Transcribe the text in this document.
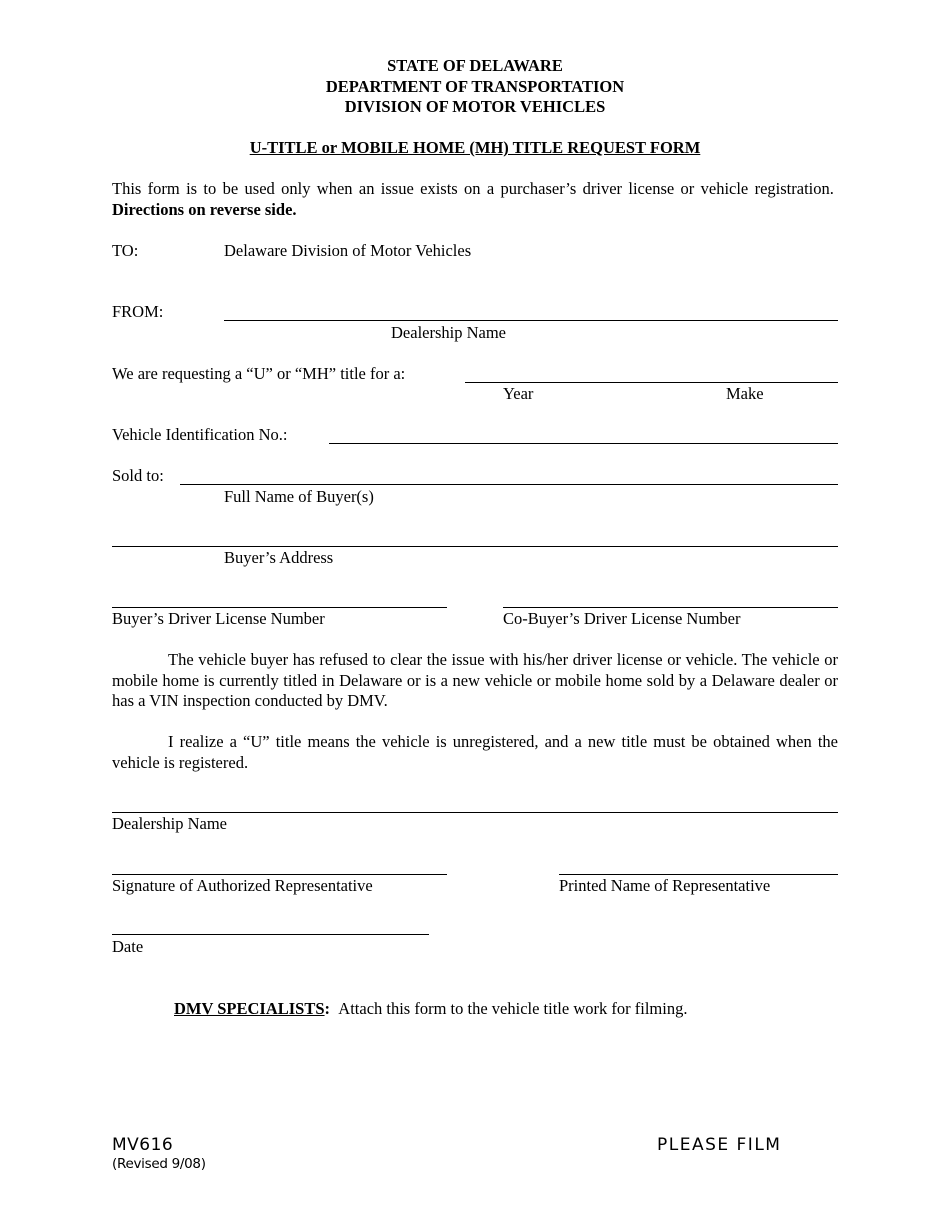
STATE OF DELAWARE
DEPARTMENT OF TRANSPORTATION
DIVISION OF MOTOR VEHICLES
U-TITLE or MOBILE HOME (MH) TITLE REQUEST FORM
This form is to be used only when an issue exists on a purchaser’s driver license or vehicle registration.  Directions on reverse side.
TO:	Delaware Division of Motor Vehicles
FROM:
Dealership Name
We are requesting a “U” or “MH” title for a:
Year	Make
Vehicle Identification No.:
Sold to:
Full Name of Buyer(s)
Buyer’s Address
Buyer’s Driver License Number	Co-Buyer’s Driver License Number
The vehicle buyer has refused to clear the issue with his/her driver license or vehicle. The vehicle or mobile home is currently titled in Delaware or is a new vehicle or mobile home sold by a Delaware dealer or has a VIN inspection conducted by DMV.
I realize a “U” title means the vehicle is unregistered, and a new title must be obtained when the vehicle is registered.
Dealership Name
Signature of Authorized Representative	Printed Name of Representative
Date
DMV SPECIALISTS: Attach this form to the vehicle title work for filming.
MV616
(Revised 9/08)
PLEASE FILM
